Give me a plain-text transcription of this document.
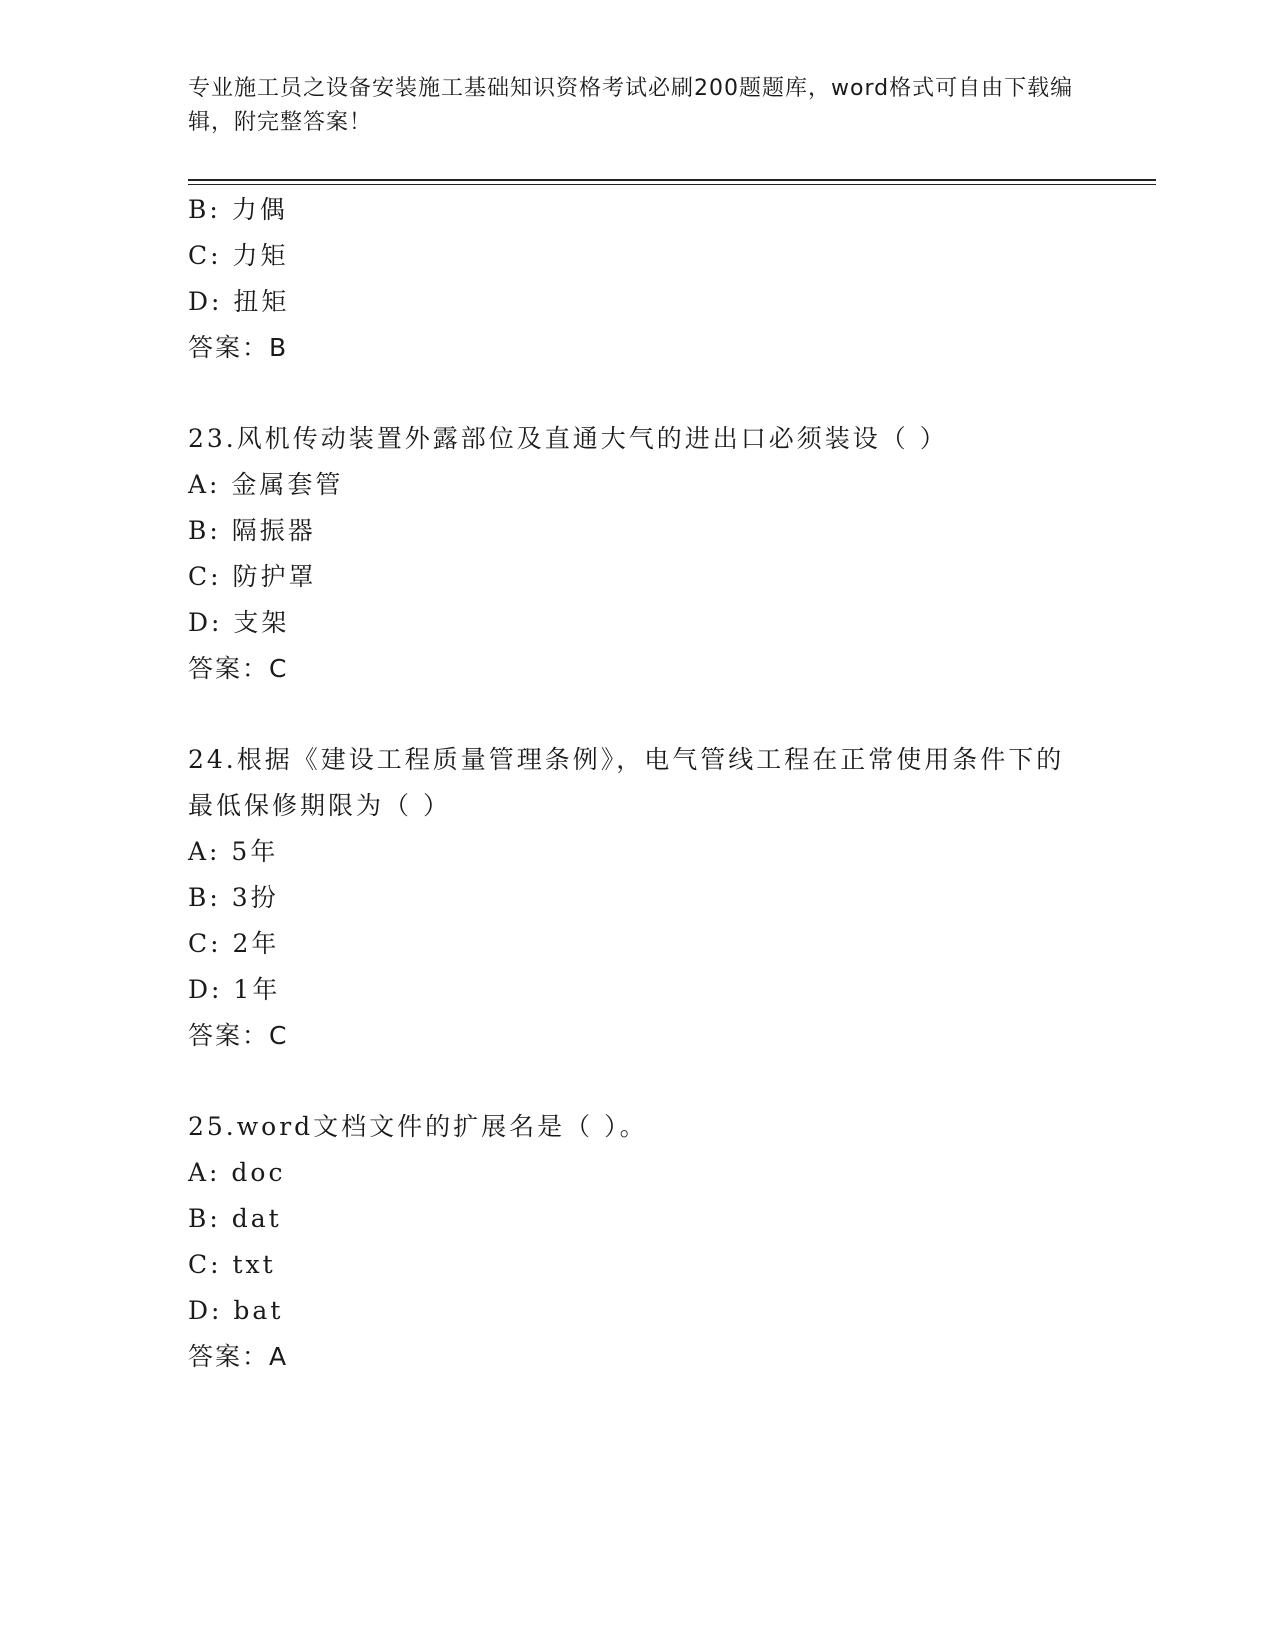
专业施工员之设备安装施工基础知识资格考试必刷200题题库，word格式可自由下载编辑，附完整答案！
B: 力偶
C: 力矩
D: 扭矩
答案：B
23.风机传动装置外露部位及直通大气的进出口必须装设（ ）
A: 金属套管
B: 隔振器
C: 防护罩
D: 支架
答案：C
24.根据《建设工程质量管理条例》，电气管线工程在正常使用条件下的最低保修期限为（ ）
A: 5年
B: 3扮
C: 2年
D: 1年
答案：C
25.word文档文件的扩展名是（ ）。
A: doc
B: dat
C: txt
D: bat
答案：A
